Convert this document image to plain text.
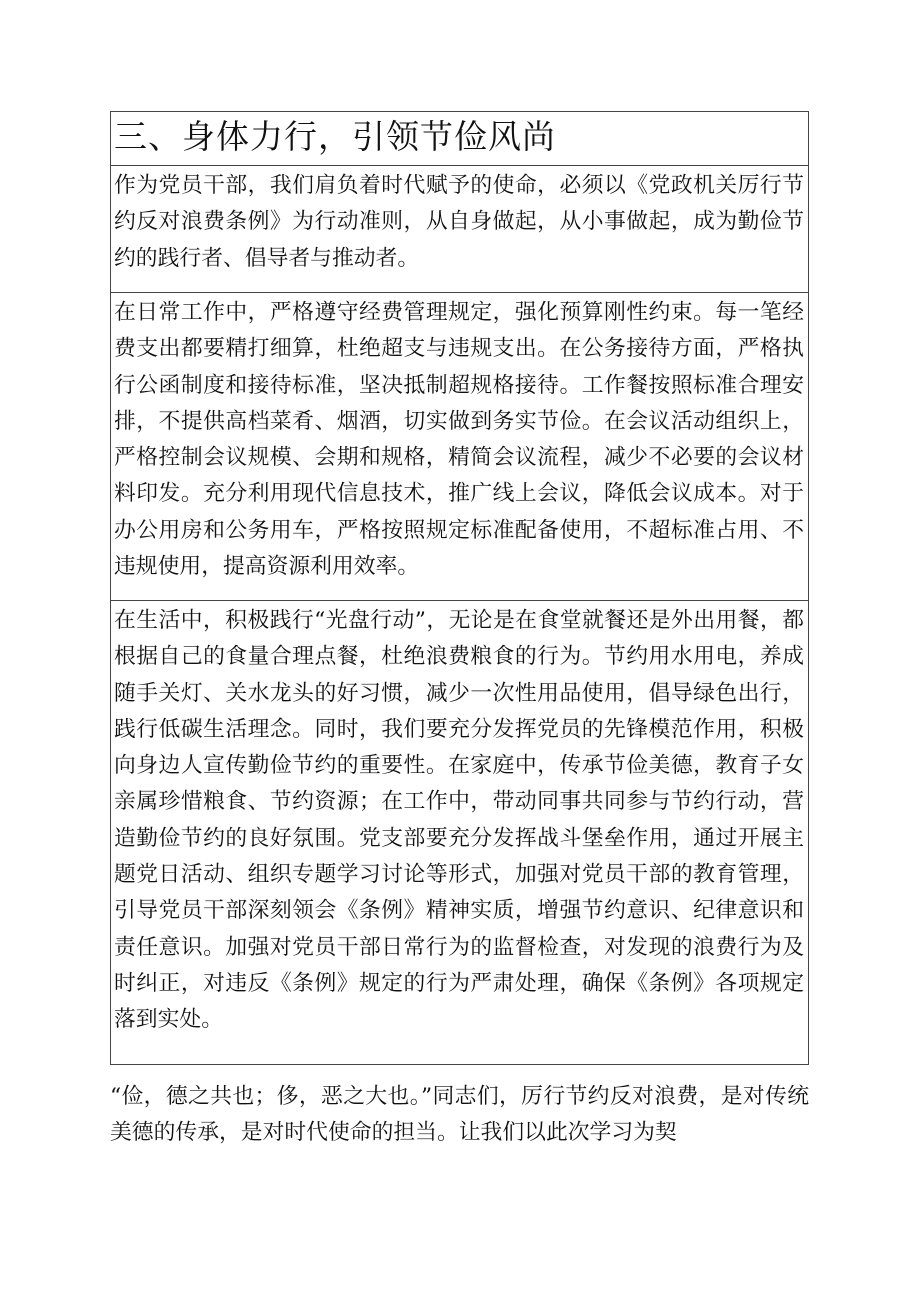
三、身体力行，引领节俭风尚
作为党员干部，我们肩负着时代赋予的使命，必须以《党政机关厉行节约反对浪费条例》为行动准则，从自身做起，从小事做起，成为勤俭节约的践行者、倡导者与推动者。
在日常工作中，严格遵守经费管理规定，强化预算刚性约束。每一笔经费支出都要精打细算，杜绝超支与违规支出。在公务接待方面，严格执行公函制度和接待标准，坚决抵制超规格接待。工作餐按照标准合理安排，不提供高档菜肴、烟酒，切实做到务实节俭。在会议活动组织上，严格控制会议规模、会期和规格，精简会议流程，减少不必要的会议材料印发。充分利用现代信息技术，推广线上会议，降低会议成本。对于办公用房和公务用车，严格按照规定标准配备使用，不超标准占用、不违规使用，提高资源利用效率。
在生活中，积极践行“光盘行动”，无论是在食堂就餐还是外出用餐，都根据自己的食量合理点餐，杜绝浪费粮食的行为。节约用水用电，养成随手关灯、关水龙头的好习惯，减少一次性用品使用，倡导绿色出行，践行低碳生活理念。同时，我们要充分发挥党员的先锋模范作用，积极向身边人宣传勤俭节约的重要性。在家庭中，传承节俭美德，教育子女亲属珍惜粮食、节约资源；在工作中，带动同事共同参与节约行动，营造勤俭节约的良好氛围。党支部要充分发挥战斗堡垒作用，通过开展主题党日活动、组织专题学习讨论等形式，加强对党员干部的教育管理，引导党员干部深刻领会《条例》精神实质，增强节约意识、纪律意识和责任意识。加强对党员干部日常行为的监督检查，对发现的浪费行为及时纠正，对违反《条例》规定的行为严肃处理，确保《条例》各项规定落到实处。
“俭，德之共也；侈，恶之大也。”同志们，厉行节约反对浪费，是对传统美德的传承，是对时代使命的担当。让我们以此次学习为契
